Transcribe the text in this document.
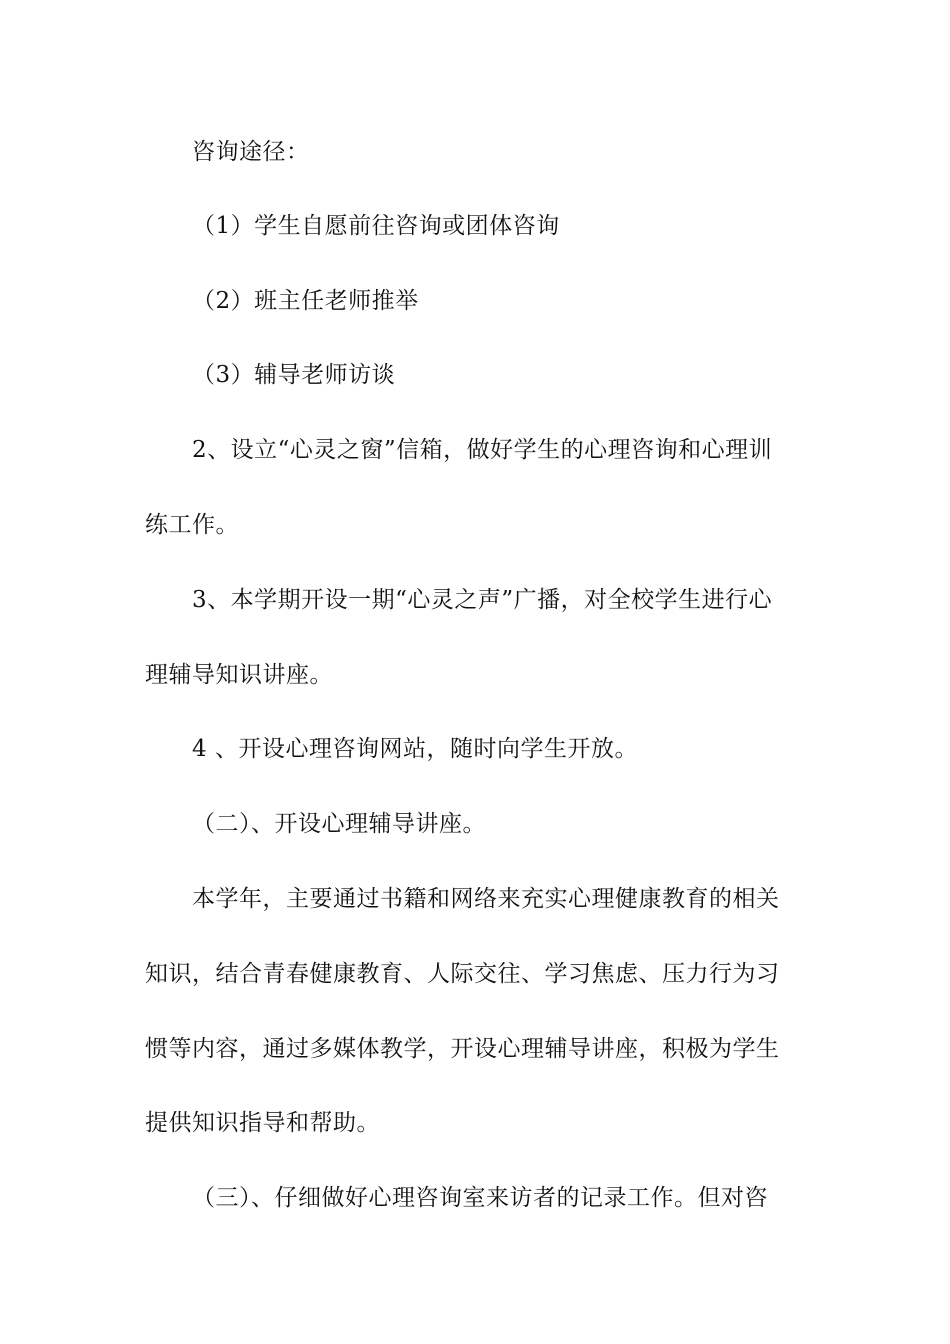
咨询途径：
（1）学生自愿前往咨询或团体咨询
（2）班主任老师推举
（3）辅导老师访谈
2、设立“心灵之窗”信箱，做好学生的心理咨询和心理训
练工作。
3、本学期开设一期“心灵之声”广播，对全校学生进行心
理辅导知识讲座。
4 、开设心理咨询网站，随时向学生开放。
（二）、开设心理辅导讲座。
本学年，主要通过书籍和网络来充实心理健康教育的相关
知识，结合青春健康教育、人际交往、学习焦虑、压力行为习
惯等内容，通过多媒体教学，开设心理辅导讲座，积极为学生
提供知识指导和帮助。
（三）、仔细做好心理咨询室来访者的记录工作。但对咨
